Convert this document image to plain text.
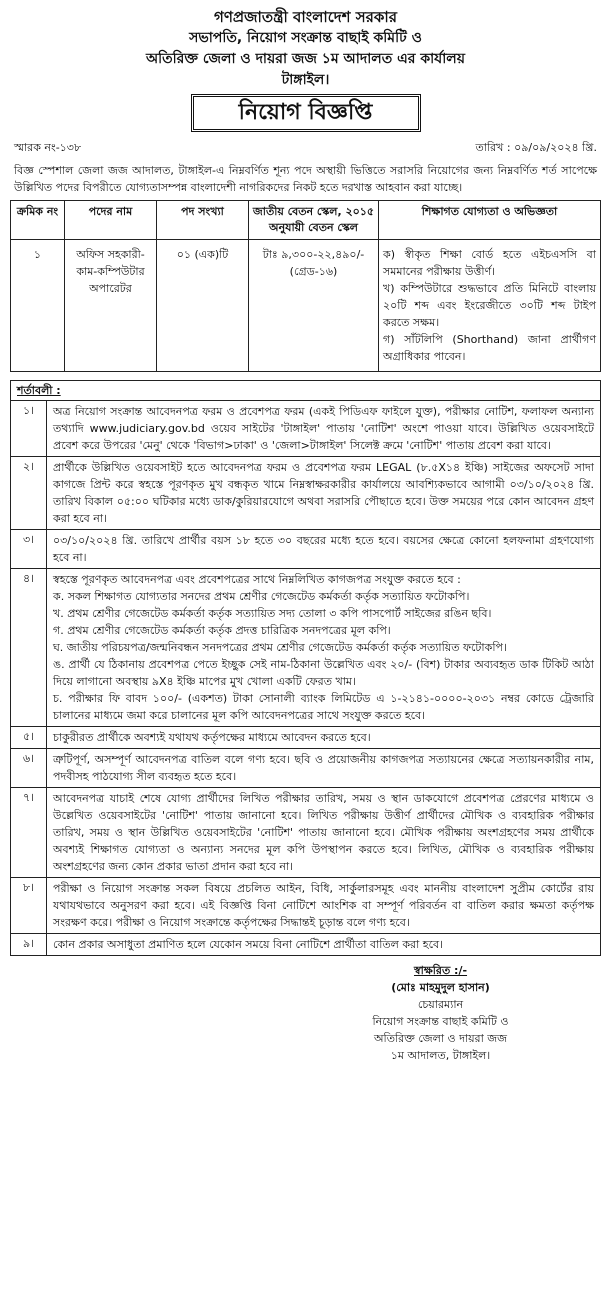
গণপ্রজাতন্ত্রী বাংলাদেশ সরকার
সভাপতি, নিয়োগ সংক্রান্ত বাছাই কমিটি ও
অতিরিক্ত জেলা ও দায়রা জজ ১ম আদালত এর কার্যালয়
টাঙ্গাইল।
নিয়োগ বিজ্ঞপ্তি
স্মারক নং-১৩৮	তারিখ : ০৯/০৯/২০২৪ খ্রি.
বিজ্ঞ স্পেশাল জেলা জজ আদালত, টাঙ্গাইল-এ নিম্নবর্ণিত শূন্য পদে অস্থায়ী ভিত্তিতে সরাসরি নিয়োগের জন্য নিম্নবর্ণিত শর্ত সাপেক্ষে উল্লিখিত পদের বিপরীতে যোগ্যতাসম্পন্ন বাংলাদেশী নাগরিকদের নিকট হতে দরখাস্ত আহবান করা যাচ্ছে।
ক্রমিক নং	পদের নাম	পদ সংখ্যা	জাতীয় বেতন স্কেল, ২০১৫ অনুযায়ী বেতন স্কেল	শিক্ষাগত যোগ্যতা ও অভিজ্ঞতা
১	অফিস সহকারী-কাম-কম্পিউটার অপারেটর	০১ (এক)টি	টাঃ ৯,৩০০-২২,৪৯০/- (গ্রেড-১৬)	ক) স্বীকৃত শিক্ষা বোর্ড হতে এইচএসসি বা সমমানের পরীক্ষায় উত্তীর্ণ।
খ) কম্পিউটারে শুদ্ধভাবে প্রতি মিনিটে বাংলায় ২০টি শব্দ এবং ইংরেজীতে ৩০টি শব্দ টাইপ করতে সক্ষম।
গ) সাঁটলিপি (Shorthand) জানা প্রার্থীগণ অগ্রাধিকার পাবেন।
শর্তাবলী :
১।	অত্র নিয়োগ সংক্রান্ত আবেদনপত্র ফরম ও প্রবেশপত্র ফরম (একই পিডিএফ ফাইলে যুক্ত), পরীক্ষার নোটিশ, ফলাফল অন্যান্য তথ্যাদি www.judiciary.gov.bd ওয়েব সাইটের 'টাঙ্গাইল' পাতায় 'নোটিশ' অংশে পাওয়া যাবে। উল্লিখিত ওয়েবসাইটে প্রবেশ করে উপরের 'মেনু' থেকে 'বিভাগ>ঢাকা' ও 'জেলা>টাঙ্গাইল' সিলেক্ট ক্রমে 'নোটিশ' পাতায় প্রবেশ করা যাবে।
২।	প্রার্থীকে উল্লিখিত ওয়েবসাইট হতে আবেদনপত্র ফরম ও প্রবেশপত্র ফরম LEGAL (৮.৫X১৪ ইঞ্চি) সাইজের অফসেট সাদা কাগজে প্রিন্ট করে স্বহস্তে পূরণকৃত মুখ বন্ধকৃত খামে নিম্নস্বাক্ষরকারীর কার্যালয়ে আবশ্যিকভাবে আগামী ০৩/১০/২০২৪ খ্রি. তারিখ বিকাল ০৫:০০ ঘটিকার মধ্যে ডাক/কুরিয়ারযোগে অথবা সরাসরি পৌছাতে হবে। উক্ত সময়ের পরে কোন আবেদন গ্রহণ করা হবে না।
৩।	০৩/১০/২০২৪ খ্রি. তারিখে প্রার্থীর বয়স ১৮ হতে ৩০ বছরের মধ্যে হতে হবে। বয়সের ক্ষেত্রে কোনো হলফনামা গ্রহণযোগ্য হবে না।
৪।	স্বহস্তে পূরণকৃত আবেদনপত্র এবং প্রবেশপত্রের সাথে নিম্নলিখিত কাগজপত্র সংযুক্ত করতে হবে :
ক. সকল শিক্ষাগত যোগ্যতার সনদের প্রথম শ্রেণীর গেজেটেড কর্মকর্তা কর্তৃক সত্যায়িত ফটোকপি।
খ. প্রথম শ্রেণীর গেজেটেড কর্মকর্তা কর্তৃক সত্যায়িত সদ্য তোলা ৩ কপি পাসপোর্ট সাইজের রঙিন ছবি।
গ. প্রথম শ্রেণীর গেজেটেড কর্মকর্তা কর্তৃক প্রদত্ত চারিত্রিক সনদপত্রের মূল কপি।
ঘ. জাতীয় পরিচয়পত্র/জন্মনিবন্ধন সনদপত্রের প্রথম শ্রেণীর গেজেটেড কর্মকর্তা কর্তৃক সত্যায়িত ফটোকপি।
ঙ. প্রার্থী যে ঠিকানায় প্রবেশপত্র পেতে ইচ্ছুক সেই নাম-ঠিকানা উল্লেখিত এবং ২০/- (বিশ) টাকার অব্যবহৃত ডাক টিকিট আঠা দিয়ে লাগানো অবস্থায় ৯X৪ ইঞ্চি মাপের মুখ খোলা একটি ফেরত খাম।
চ. পরীক্ষার ফি বাবদ ১০০/- (একশত) টাকা সোনালী ব্যাংক লিমিটেড এ ১-২১৪১-০০০০-২০৩১ নম্বর কোডে ট্রেজারি চালানের মাধ্যমে জমা করে চালানের মূল কপি আবেদনপত্রের সাথে সংযুক্ত করতে হবে।
৫।	চাকুরীরত প্রার্থীকে অবশ্যই যথাযথ কর্তৃপক্ষের মাধ্যমে আবেদন করতে হবে।
৬।	ত্রুটিপূর্ণ, অসম্পূর্ণ আবেদনপত্র বাতিল বলে গণ্য হবে। ছবি ও প্রয়োজনীয় কাগজপত্র সত্যায়নের ক্ষেত্রে সত্যায়নকারীর নাম, পদবীসহ পাঠযোগ্য সীল ব্যবহৃত হতে হবে।
৭।	আবেদনপত্র যাচাই শেষে যোগ্য প্রার্থীদের লিখিত পরীক্ষার তারিখ, সময় ও স্থান ডাকযোগে প্রবেশপত্র প্রেরণের মাধ্যমে ও উল্লেখিত ওয়েবসাইটের 'নোটিশ' পাতায় জানানো হবে। লিখিত পরীক্ষায় উত্তীর্ণ প্রার্থীদের মৌখিক ও ব্যবহারিক পরীক্ষার তারিখ, সময় ও স্থান উল্লিখিত ওয়েবসাইটের 'নোটিশ' পাতায় জানানো হবে। মৌখিক পরীক্ষায় অংশগ্রহণের সময় প্রার্থীকে অবশ্যই শিক্ষাগত যোগ্যতা ও অন্যান্য সনদের মূল কপি উপস্থাপন করতে হবে। লিখিত, মৌখিক ও ব্যবহারিক পরীক্ষায় অংশগ্রহণের জন্য কোন প্রকার ভাতা প্রদান করা হবে না।
৮।	পরীক্ষা ও নিয়োগ সংক্রান্ত সকল বিষয়ে প্রচলিত আইন, বিধি, সার্কুলারসমূহ এবং মাননীয় বাংলাদেশ সুপ্রীম কোর্টের রায় যথাযথভাবে অনুসরণ করা হবে। এই বিজ্ঞপ্তি বিনা নোটিশে আংশিক বা সম্পূর্ণ পরিবর্তন বা বাতিল করার ক্ষমতা কর্তৃপক্ষ সংরক্ষণ করে। পরীক্ষা ও নিয়োগ সংক্রান্তে কর্তৃপক্ষের সিদ্ধান্তই চূড়ান্ত বলে গণ্য হবে।
৯।	কোন প্রকার অসাধুতা প্রমাণিত হলে যেকোন সময়ে বিনা নোটিশে প্রার্থীতা বাতিল করা হবে।
স্বাক্ষরিত :/-
(মোঃ মাহমুদুল হাসান)
চেয়ারম্যান
নিয়োগ সংক্রান্ত বাছাই কমিটি ও
অতিরিক্ত জেলা ও দায়রা জজ
১ম আদালত, টাঙ্গাইল।
